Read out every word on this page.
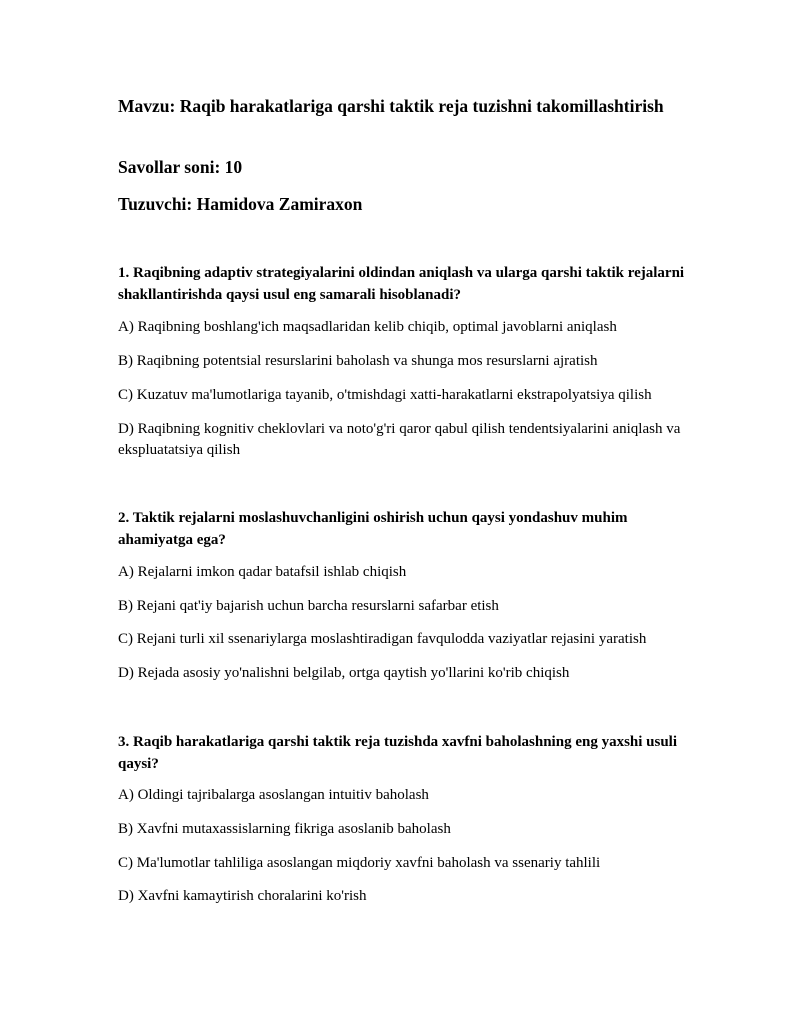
Mavzu: Raqib harakatlariga qarshi taktik reja tuzishni takomillashtirish

Savollar soni: 10

Tuzuvchi: Hamidova Zamiraxon

1. Raqibning adaptiv strategiyalarini oldindan aniqlash va ularga qarshi taktik rejalarni shakllantirishda qaysi usul eng samarali hisoblanadi?

A) Raqibning boshlang'ich maqsadlaridan kelib chiqib, optimal javoblarni aniqlash

B) Raqibning potentsial resurslarini baholash va shunga mos resurslarni ajratish

C) Kuzatuv ma'lumotlariga tayanib, o'tmishdagi xatti-harakatlarni ekstrapolyatsiya qilish

D) Raqibning kognitiv cheklovlari va noto'g'ri qaror qabul qilish tendentsiyalarini aniqlash va ekspluatatsiya qilish

2. Taktik rejalarni moslashuvchanligini oshirish uchun qaysi yondashuv muhim ahamiyatga ega?

A) Rejalarni imkon qadar batafsil ishlab chiqish

B) Rejani qat'iy bajarish uchun barcha resurslarni safarbar etish

C) Rejani turli xil ssenariylarga moslashtiradigan favqulodda vaziyatlar rejasini yaratish

D) Rejada asosiy yo'nalishni belgilab, ortga qaytish yo'llarini ko'rib chiqish

3. Raqib harakatlariga qarshi taktik reja tuzishda xavfni baholashning eng yaxshi usuli qaysi?

A) Oldingi tajribalarga asoslangan intuitiv baholash

B) Xavfni mutaxassislarning fikriga asoslanib baholash

C) Ma'lumotlar tahliliga asoslangan miqdoriy xavfni baholash va ssenariy tahlili

D) Xavfni kamaytirish choralarini ko'rish
